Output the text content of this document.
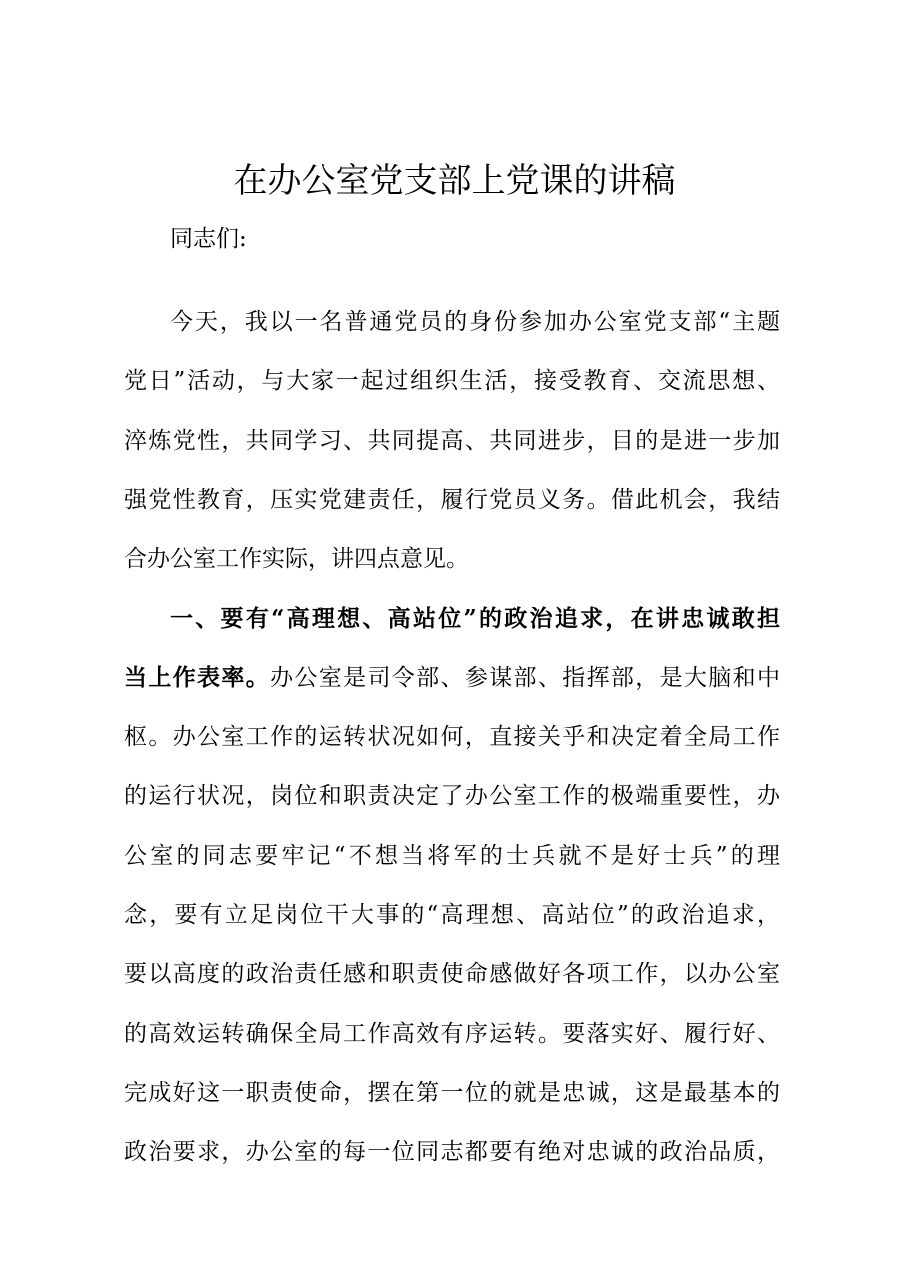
在办公室党支部上党课的讲稿

同志们:

今天，我以一名普通党员的身份参加办公室党支部“主题

党日”活动，与大家一起过组织生活，接受教育、交流思想、

淬炼党性，共同学习、共同提高、共同进步，目的是进一步加

强党性教育，压实党建责任，履行党员义务。借此机会，我结

合办公室工作实际，讲四点意见。

一、要有“高理想、高站位”的政治追求，在讲忠诚敢担

当上作表率。办公室是司令部、参谋部、指挥部，是大脑和中

枢。办公室工作的运转状况如何，直接关乎和决定着全局工作

的运行状况，岗位和职责决定了办公室工作的极端重要性，办

公室的同志要牢记“不想当将军的士兵就不是好士兵”的理

念，要有立足岗位干大事的“高理想、高站位”的政治追求，

要以高度的政治责任感和职责使命感做好各项工作，以办公室

的高效运转确保全局工作高效有序运转。要落实好、履行好、

完成好这一职责使命，摆在第一位的就是忠诚，这是最基本的

政治要求，办公室的每一位同志都要有绝对忠诚的政治品质，
